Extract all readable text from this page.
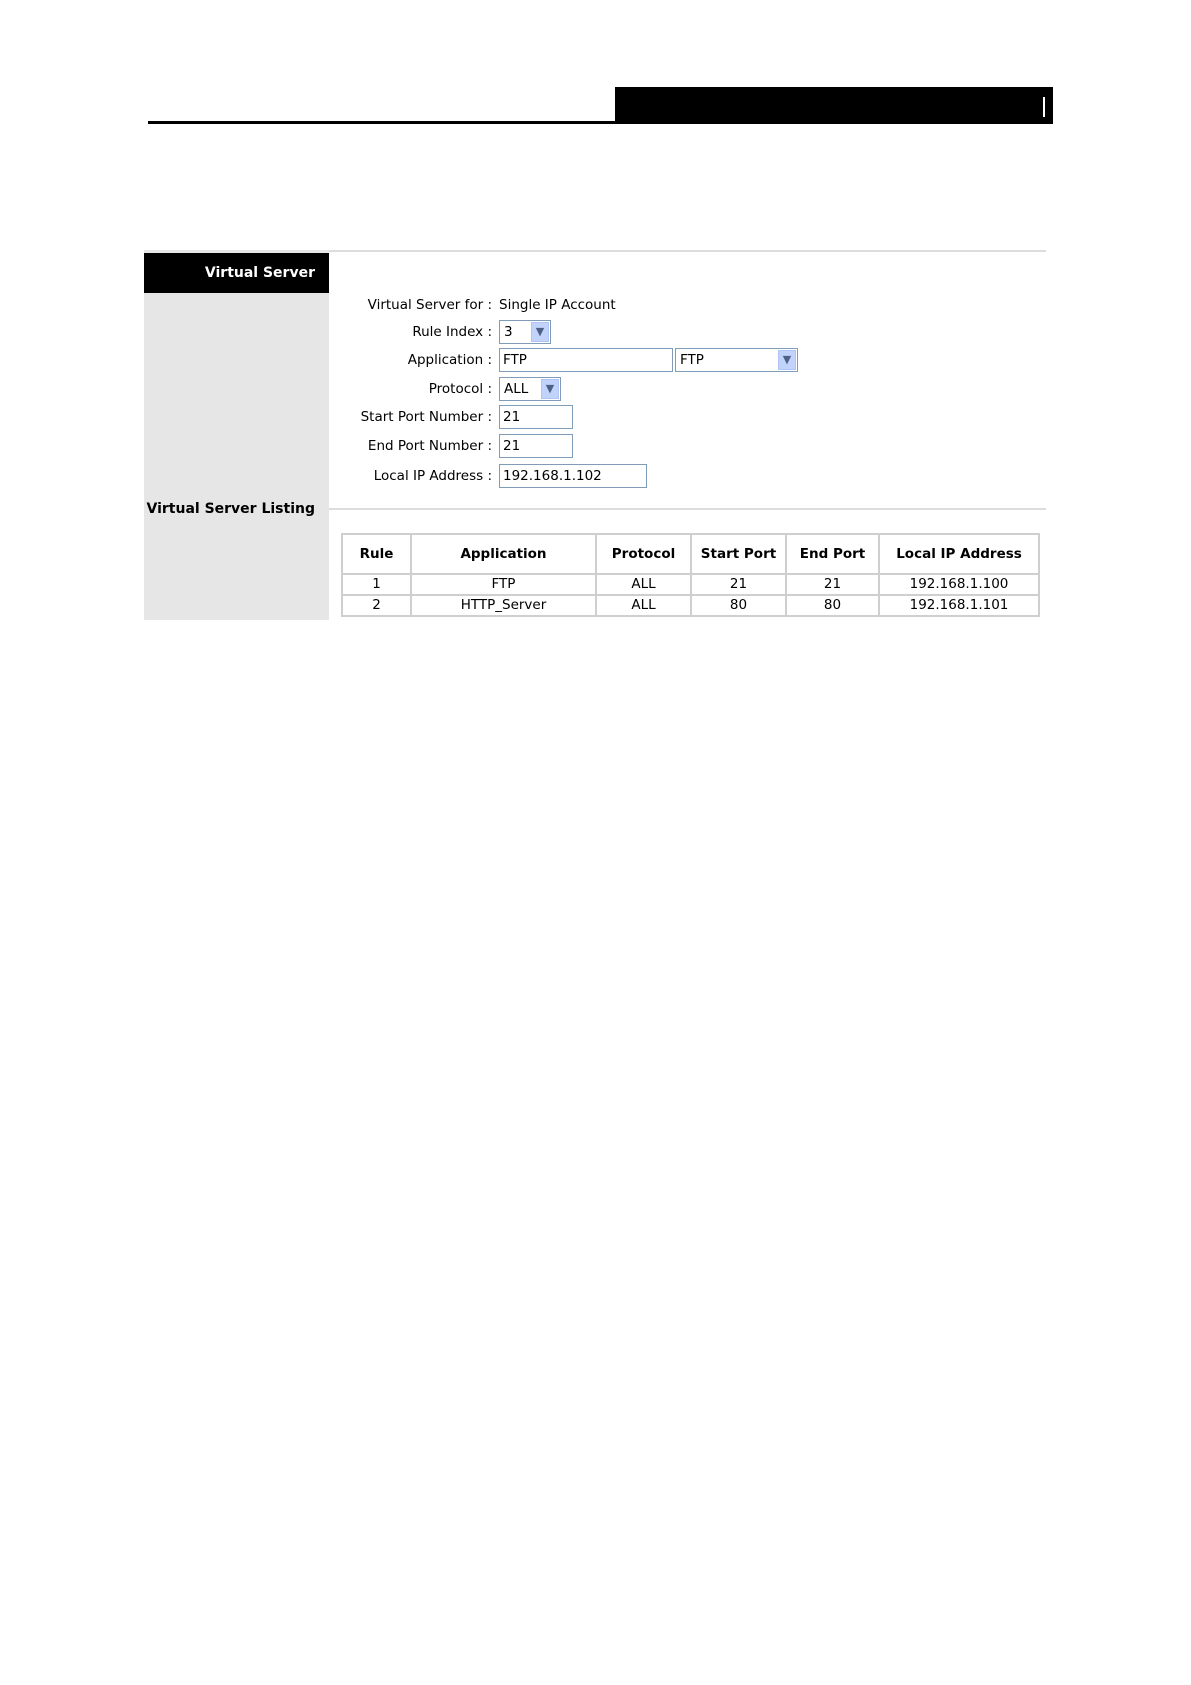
Virtual Server
Virtual Server Listing
Virtual Server for : Single IP Account
Rule Index : 3	▼
Application :
FTP	FTP	▼
Protocol : ALL	▼
Start Port Number :
21
End Port Number :
21
Local IP Address :
192.168.1.102
Rule	Application	Protocol	Start Port	End Port	Local IP Address
1	FTP	ALL	21	21	192.168.1.100
2	HTTP_Server	ALL	80	80	192.168.1.101
